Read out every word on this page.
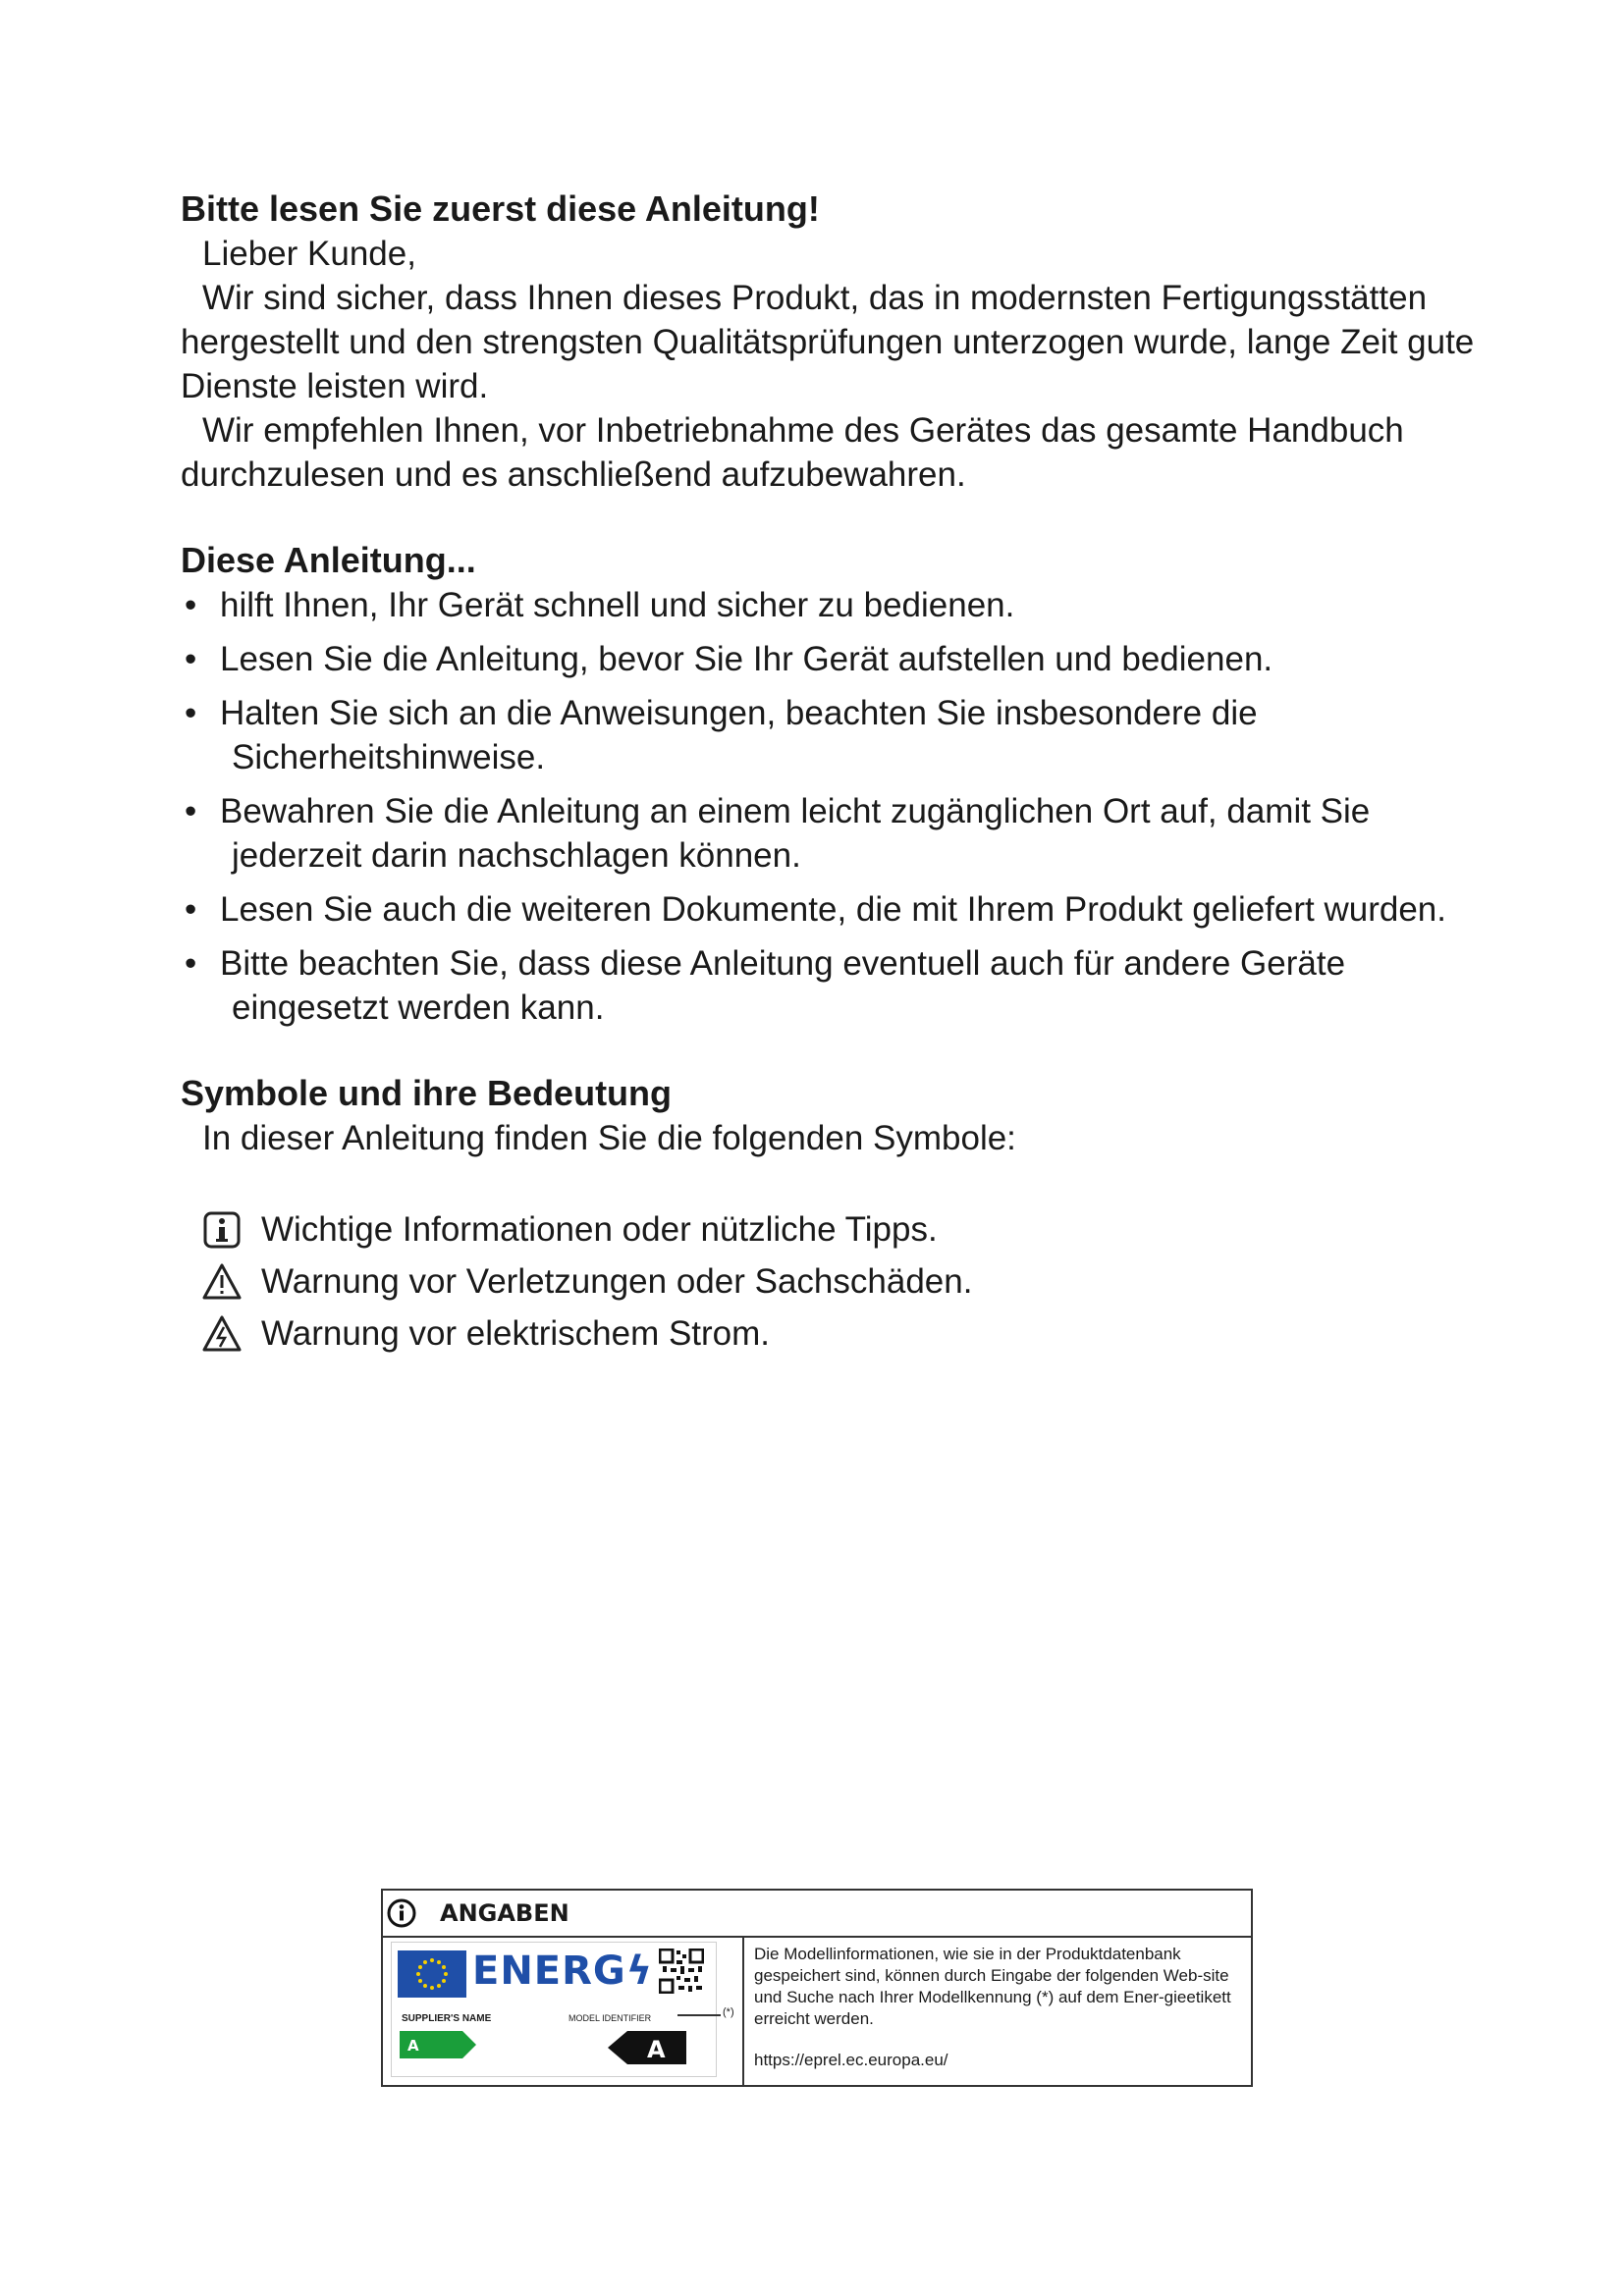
Bitte lesen Sie zuerst diese Anleitung!

Lieber Kunde,

Wir sind sicher, dass Ihnen dieses Produkt, das in modernsten Fertigungsstätten hergestellt und den strengsten Qualitätsprüfungen unterzogen wurde, lange Zeit gute Dienste leisten wird.

Wir empfehlen Ihnen, vor Inbetriebnahme des Gerätes das gesamte Handbuch durchzulesen und es anschließend aufzubewahren.

Diese Anleitung...
• hilft Ihnen, Ihr Gerät schnell und sicher zu bedienen.
• Lesen Sie die Anleitung, bevor Sie Ihr Gerät aufstellen und bedienen.
• Halten Sie sich an die Anweisungen, beachten Sie insbesondere die
Sicherheitshinweise.
• Bewahren Sie die Anleitung an einem leicht zugänglichen Ort auf, damit Sie
jederzeit darin nachschlagen können.
• Lesen Sie auch die weiteren Dokumente, die mit Ihrem Produkt geliefert wurden.
• Bitte beachten Sie, dass diese Anleitung eventuell auch für andere Geräte
eingesetzt werden kann.
Symbole und ihre Bedeutung

In dieser Anleitung finden Sie die folgenden Symbole:

Wichtige Informationen oder nützliche Tipps.
Warnung vor Verletzungen oder Sachschäden.
Warnung vor elektrischem Strom.
ANGABEN
ENERGϟ
SUPPLIER'S NAME	MODEL IDENTIFIER
A	A
(*)
Die Modellinformationen, wie sie in der Produktdatenbank gespeichert sind, können durch Eingabe der folgenden Web-site und Suche nach Ihrer Modellkennung (*) auf dem Ener-gieetikett erreicht werden.
https://eprel.ec.europa.eu/
